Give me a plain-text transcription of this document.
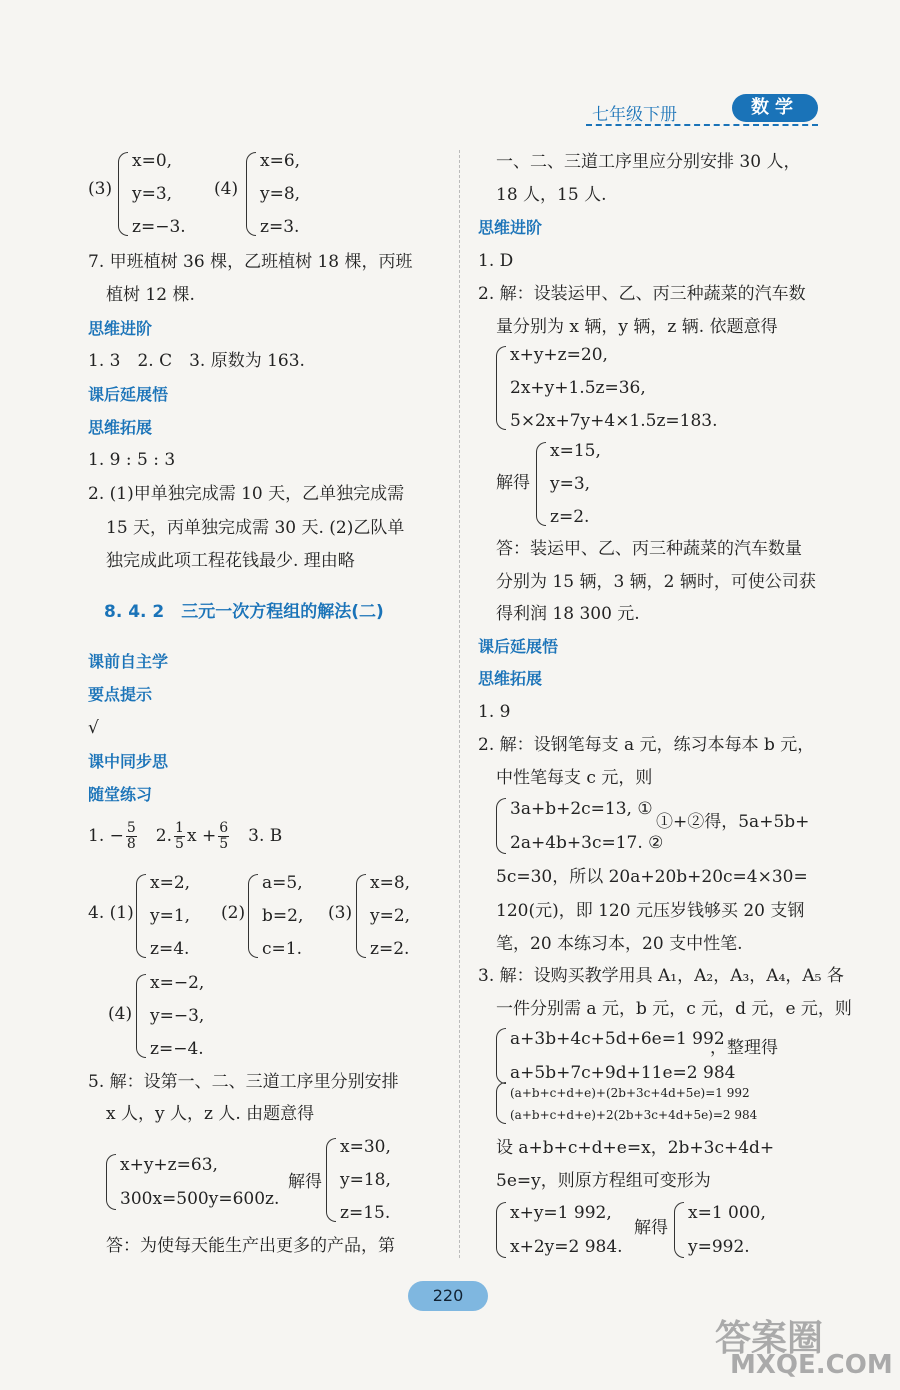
七年级下册	数学
(3)
x=0,
y=3,
z=−3.
(4)
x=6,
y=8,
z=3.
7. 甲班植树 36 棵，乙班植树 18 棵，丙班
植树 12 棵.
思维进阶
1. 3　2. C　3. 原数为 163.
课后延展悟
思维拓展
1. 9 : 5 : 3
2. (1)甲单独完成需 10 天，乙单独完成需
15 天，丙单独完成需 30 天. (2)乙队单
独完成此项工程花钱最少. 理由略
8. 4. 2　三元一次方程组的解法(二)
课前自主学
要点提示
√
课中同步思
随堂练习
1. − $\frac{5}{8}$ 　2. $\frac{1}{5}$ $x + \frac{6}{5}$ 　3. B
4. (1)
x=2,
y=1,
z=4.
(2)
a=5,
b=2,
c=1.
(3)
x=8,
y=2,
z=2.
(4)
x=−2,
y=−3,
z=−4.
5. 解：设第一、二、三道工序里分别安排
x 人，y 人，z 人. 由题意得
x+y+z=63,
300x=500y=600z.
解得
x=30,
y=18,
z=15.
答：为使每天能生产出更多的产品，第
一、二、三道工序里应分别安排 30 人，
18 人，15 人.
思维进阶
1. D
2. 解：设装运甲、乙、丙三种蔬菜的汽车数
量分别为 x 辆，y 辆，z 辆. 依题意得
x+y+z=20,
2x+y+1.5z=36,
5×2x+7y+4×1.5z=183.
解得
x=15,
y=3,
z=2.
答：装运甲、乙、丙三种蔬菜的汽车数量
分别为 15 辆，3 辆，2 辆时，可使公司获
得利润 18 300 元.
课后延展悟
思维拓展
1. 9
2. 解：设钢笔每支 a 元，练习本每本 b 元，
中性笔每支 c 元，则
3a+b+2c=13, ①
2a+4b+3c=17. ②
①+②得，5a+5b+
5c=30，所以 20a+20b+20c=4×30=
120(元)，即 120 元压岁钱够买 20 支钢
笔，20 本练习本，20 支中性笔.
3. 解：设购买教学用具 A₁，A₂，A₃，A₄，A₅ 各
一件分别需 a 元，b 元，c 元，d 元，e 元，则
a+3b+4c+5d+6e=1 992
a+5b+7c+9d+11e=2 984
，整理得
(a+b+c+d+e)+(2b+3c+4d+5e)=1 992
(a+b+c+d+e)+2(2b+3c+4d+5e)=2 984
设 a+b+c+d+e=x，2b+3c+4d+
5e=y，则原方程组可变形为
x+y=1 992,
x+2y=2 984.
解得
x=1 000,
y=992.
220
答案圈
MXQE.COM
